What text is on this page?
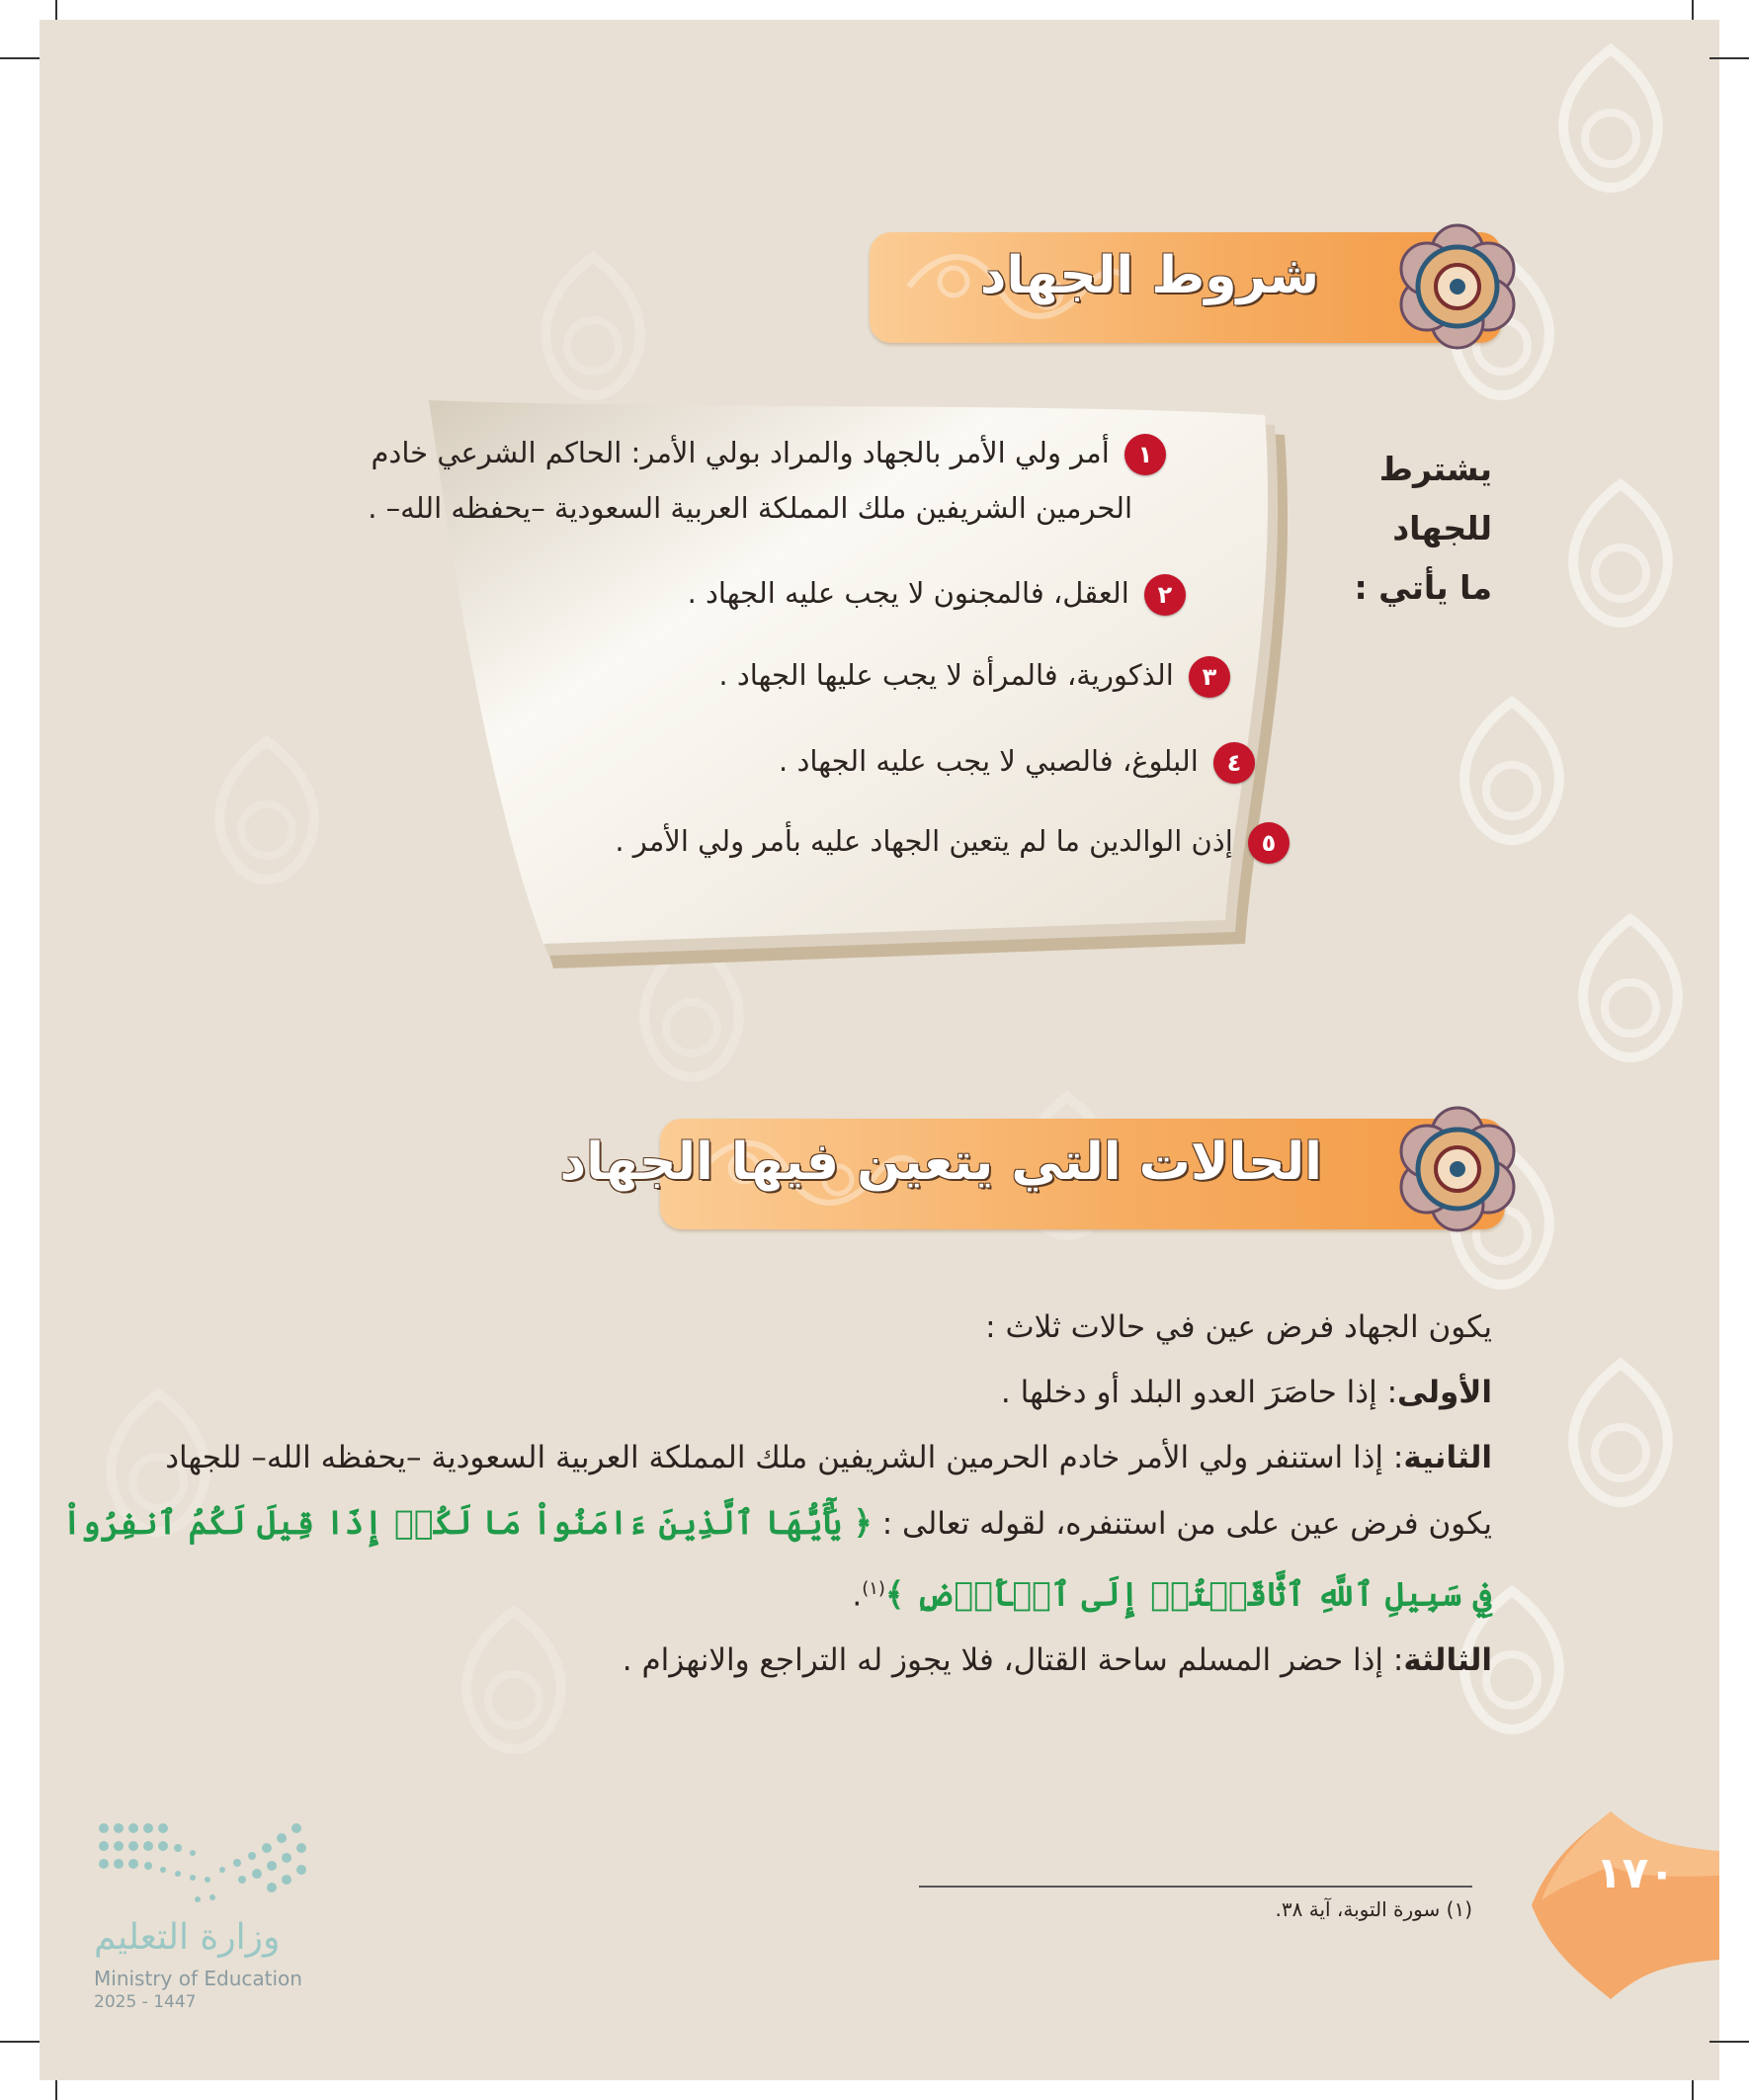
شروط الجهاد
١ أمر ولي الأمر بالجهاد والمراد بولي الأمر: الحاكم الشرعي خادم
الحرمين الشريفين ملك المملكة العربية السعودية –يحفظه الله– .
٢ العقل، فالمجنون لا يجب عليه الجهاد .
٣ الذكورية، فالمرأة لا يجب عليها الجهاد .
٤ البلوغ، فالصبي لا يجب عليه الجهاد .
٥ إذن الوالدين ما لم يتعين الجهاد عليه بأمر ولي الأمر .
يشترط للجهاد
ما يأتي :
الحالات التي يتعين فيها الجهاد
يكون الجهاد فرض عين في حالات ثلاث :
الأولى: إذا حاصَرَ العدو البلد أو دخلها .
الثانية: إذا استنفر ولي الأمر خادم الحرمين الشريفين ملك المملكة العربية السعودية –يحفظه الله– للجهاد
يكون فرض عين على من استنفره، لقوله تعالى : ﴿ يَٰٓأَيُّهَا ٱلَّذِينَ ءَامَنُواْ مَا لَكُمۡ إِذَا قِيلَ لَكُمُ ٱنفِرُواْ
فِي سَبِيلِ ٱللَّهِ ٱثَّاقَلۡتُمۡ إِلَى ٱلۡأَرۡضِ ﴾$^{(١)}$.
الثالثة: إذا حضر المسلم ساحة القتال، فلا يجوز له التراجع والانهزام .
(١) سورة التوبة، آية ٣٨.
١٧٠
وزارة التعليم
Ministry of Education
2025 - 1447
